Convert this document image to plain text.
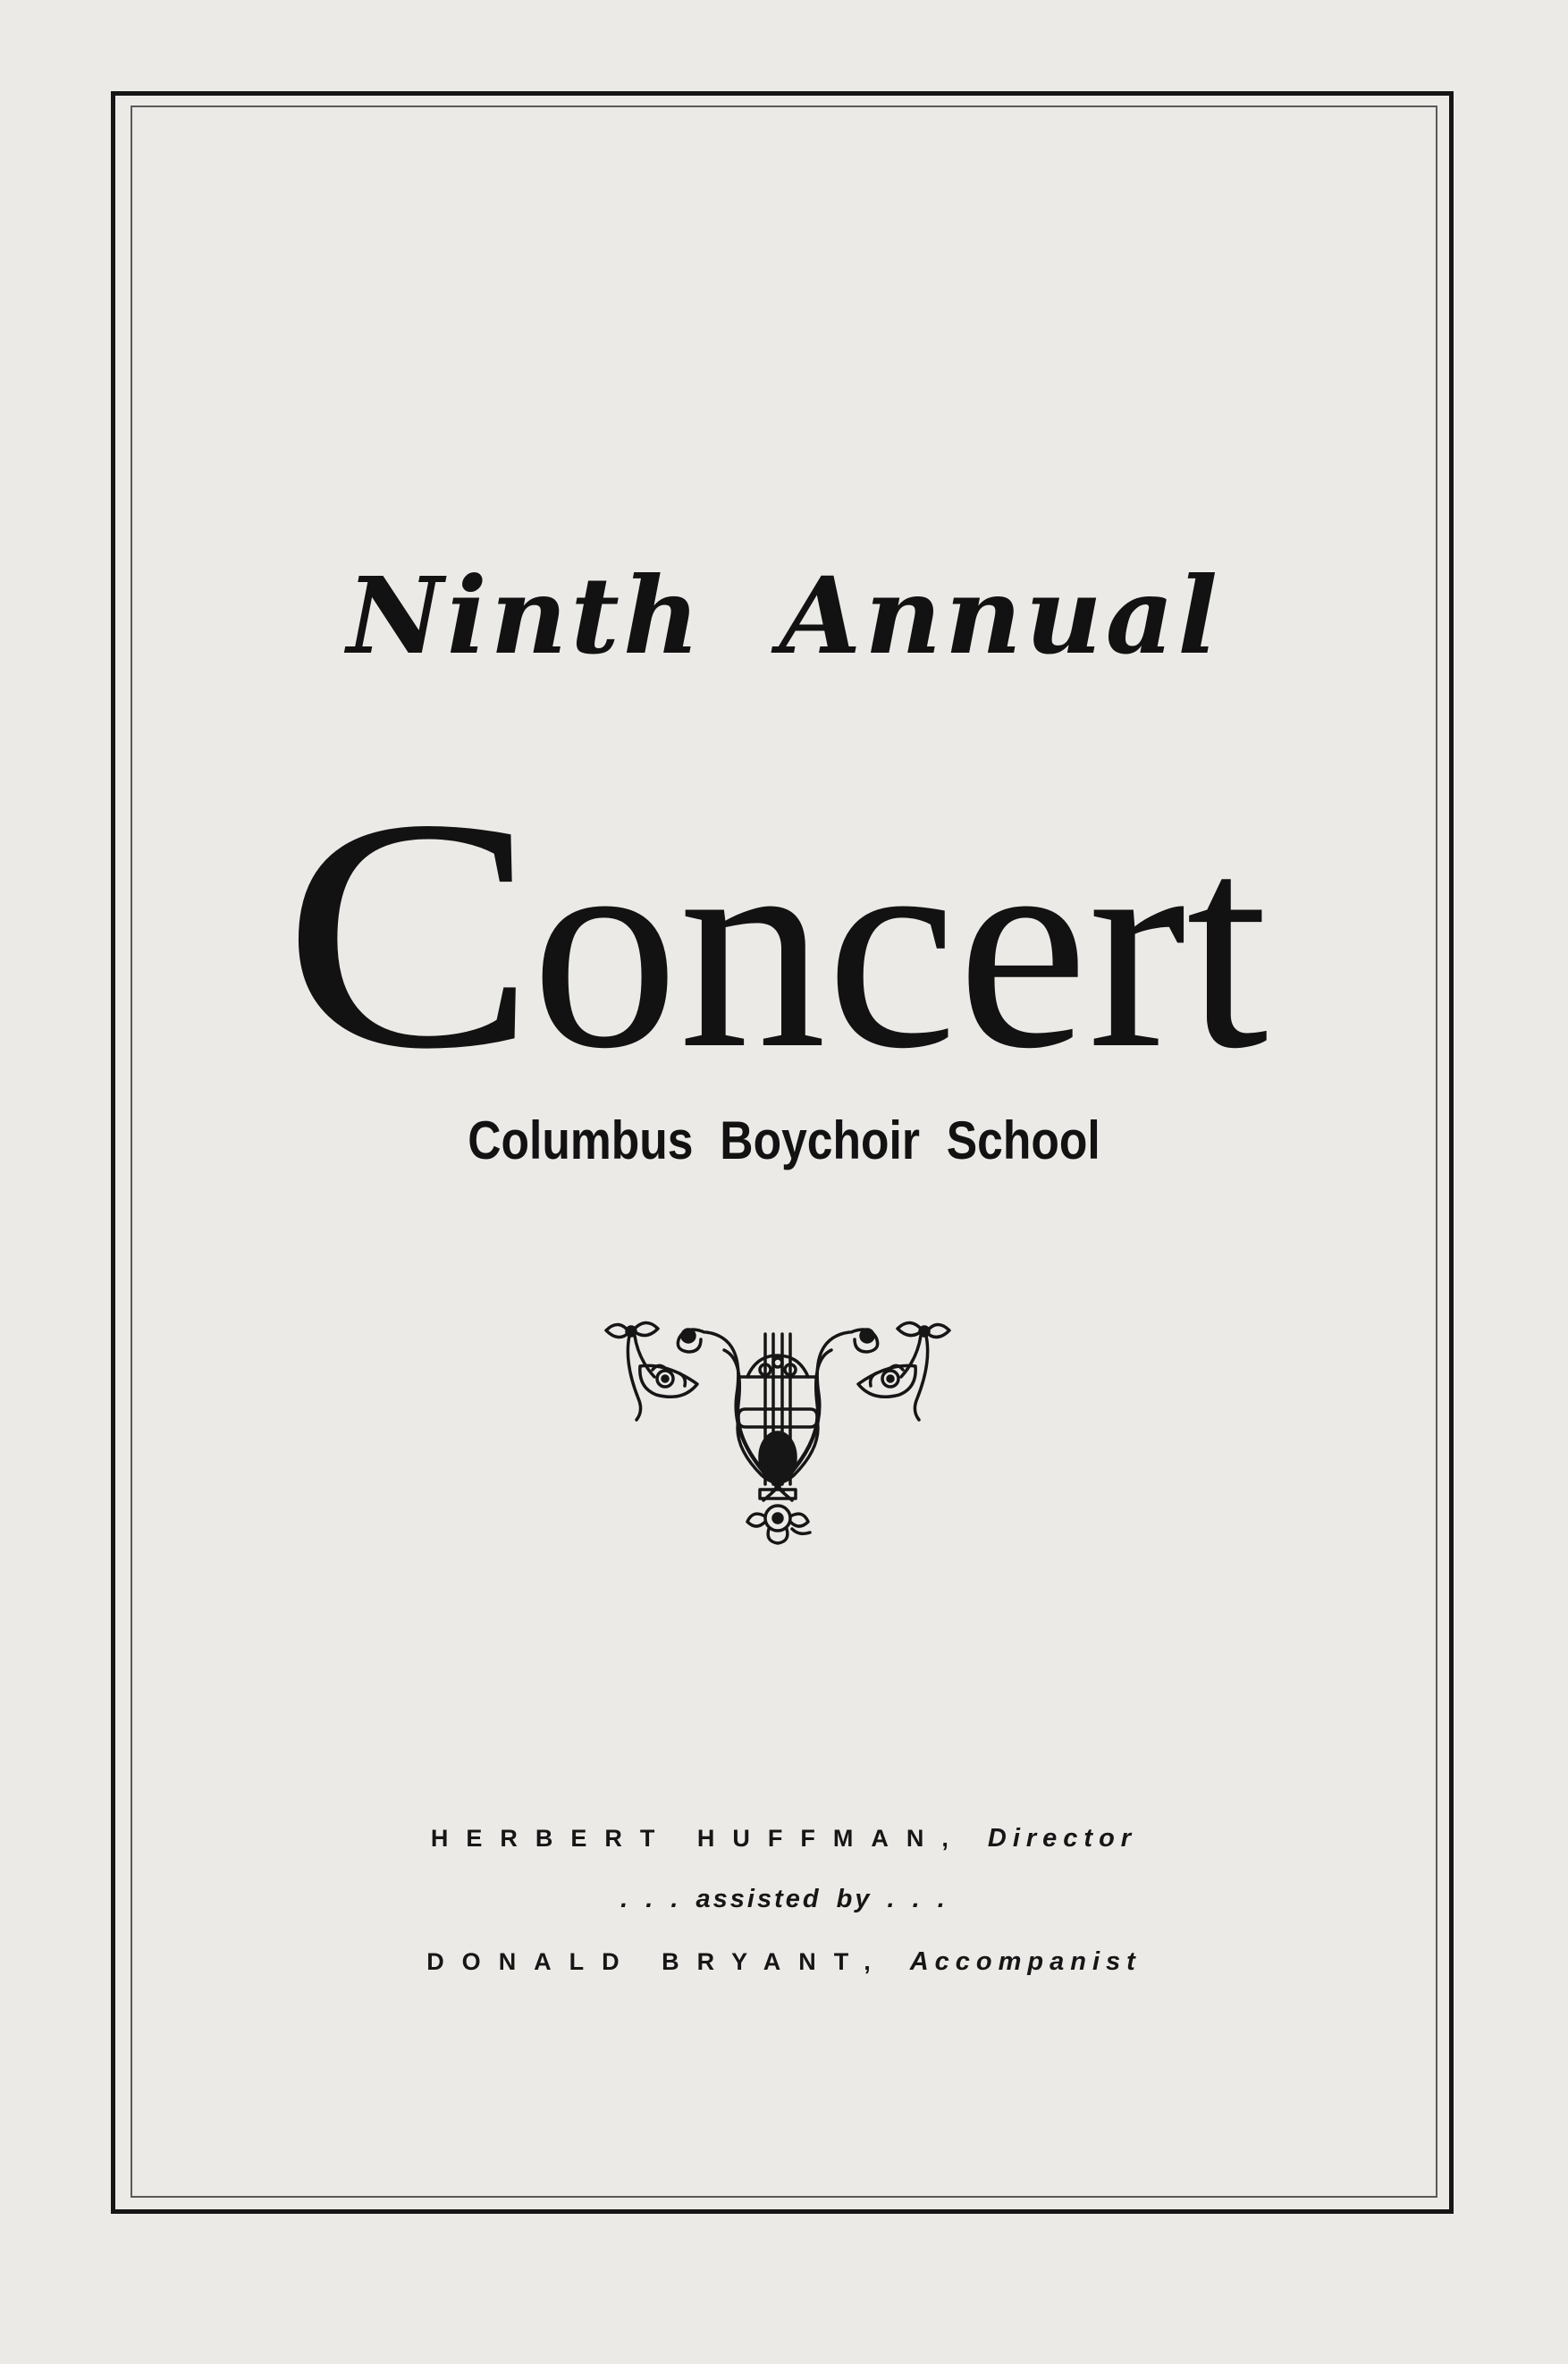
Ninth Annual
Concert
Columbus Boychoir School
HERBERT HUFFMAN, Director
. . . assisted by . . .
DONALD BRYANT, Accompanist
